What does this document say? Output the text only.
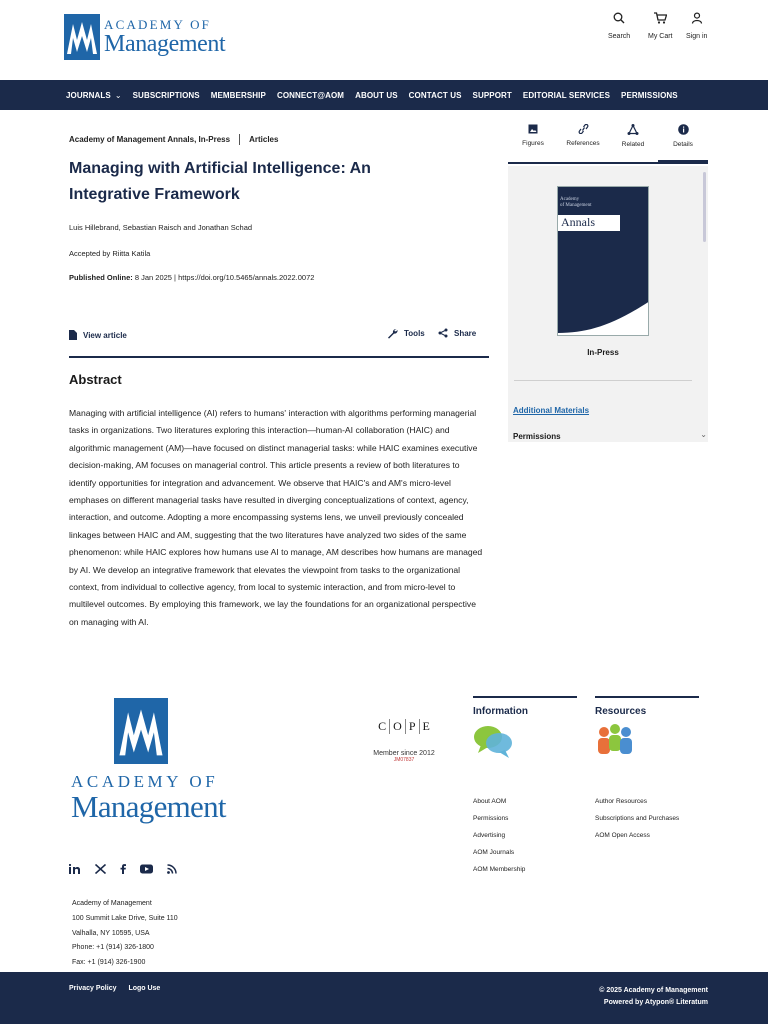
ACADEMY OF
Management	Search	My Cart Sign in
JOURNALS ⌄ SUBSCRIPTIONS MEMBERSHIP CONNECT@AOM ABOUT US CONTACT US SUPPORT EDITORIAL SERVICES PERMISSIONS
Academy of Management Annals, In-Press Articles
Managing with Artificial Intelligence: An Integrative Framework
Luis Hillebrand, Sebastian Raisch and Jonathan Schad
Accepted by Riitta Katila
Published Online: 8 Jan 2025 | https://doi.org/10.5465/annals.2022.0072
View article	Tools	Share
Abstract

Managing with artificial intelligence (AI) refers to humans' interaction with algorithms performing managerial tasks in organizations. Two literatures exploring this interaction—human-AI collaboration (HAIC) and algorithmic management (AM)—have focused on distinct managerial tasks: while HAIC examines executive decision-making, AM focuses on managerial control. This article presents a review of both literatures to identify opportunities for integration and advancement. We observe that HAIC's and AM's micro-level emphases on different managerial tasks have resulted in diverging conceptualizations of context, agency, interaction, and outcome. Adopting a more encompassing systems lens, we unveil previously concealed linkages between HAIC and AM, suggesting that the two literatures have analyzed two sides of the same phenomenon: while HAIC explores how humans use AI to manage, AM describes how humans are managed by AI. We develop an integrative framework that elevates the viewpoint from tasks to the organizational context, from individual to collective agency, from local to systemic interaction, and from micro-level to multilevel outcomes. By employing this framework, we lay the foundations for an organizational perspective on managing with AI.

Figures	References	Related	Details
Academy
of Management
Annals
In-Press
Additional Materials
Permissions	⌄
ACADEMY OF
Management
C O P E
Member since 2012
JM07837
Information
About AOM
Permissions
Advertising
AOM Journals
AOM Membership
Resources
Author Resources
Subscriptions and Purchases
AOM Open Access
Academy of Management
100 Summit Lake Drive, Suite 110
Valhalla, NY 10595, USA
Phone: +1 (914) 326-1800
Fax: +1 (914) 326-1900
Privacy Policy Logo Use	© 2025 Academy of Management
Powered by Atypon® Literatum
